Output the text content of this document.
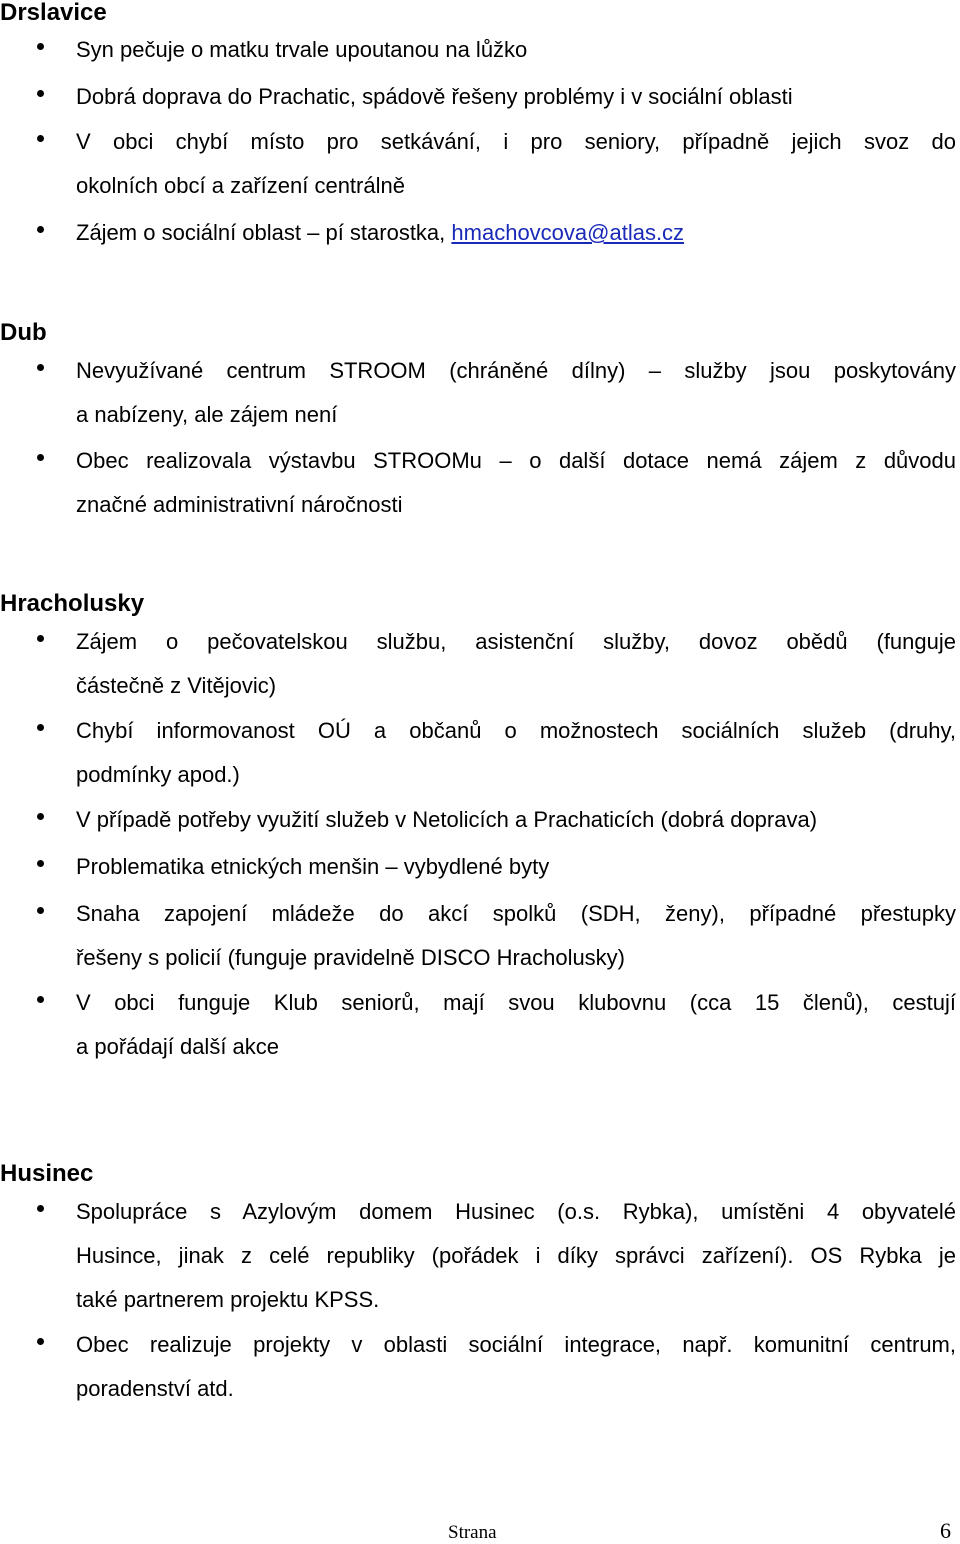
Drslavice
Syn pečuje o matku trvale upoutanou na lůžko
Dobrá doprava do Prachatic, spádově řešeny problémy i v sociální oblasti
V obci chybí místo pro setkávání, i pro seniory, případně jejich svoz do
okolních obcí a zařízení centrálně
Zájem o sociální oblast – pí starostka, hmachovcova@atlas.cz
Dub
Nevyužívané centrum STROOM (chráněné dílny) – služby jsou poskytovány
a nabízeny, ale zájem není
Obec realizovala výstavbu STROOMu – o další dotace nemá zájem z důvodu
značné administrativní náročnosti
Hracholusky
Zájem o pečovatelskou službu, asistenční služby, dovoz obědů (funguje
částečně z Vitějovic)
Chybí informovanost OÚ a občanů o možnostech sociálních služeb (druhy,
podmínky apod.)
V případě potřeby využití služeb v Netolicích a Prachaticích (dobrá doprava)
Problematika etnických menšin – vybydlené byty
Snaha zapojení mládeže do akcí spolků (SDH, ženy), případné přestupky
řešeny s policií (funguje pravidelně DISCO Hracholusky)
V obci funguje Klub seniorů, mají svou klubovnu (cca 15 členů), cestují
a pořádají další akce
Husinec
Spolupráce s Azylovým domem Husinec (o.s. Rybka), umístěni 4 obyvatelé
Husince, jinak z celé republiky (pořádek i díky správci zařízení). OS Rybka je
také partnerem projektu KPSS.
Obec realizuje projekty v oblasti sociální integrace, např. komunitní centrum,
poradenství atd.
Strana	6
